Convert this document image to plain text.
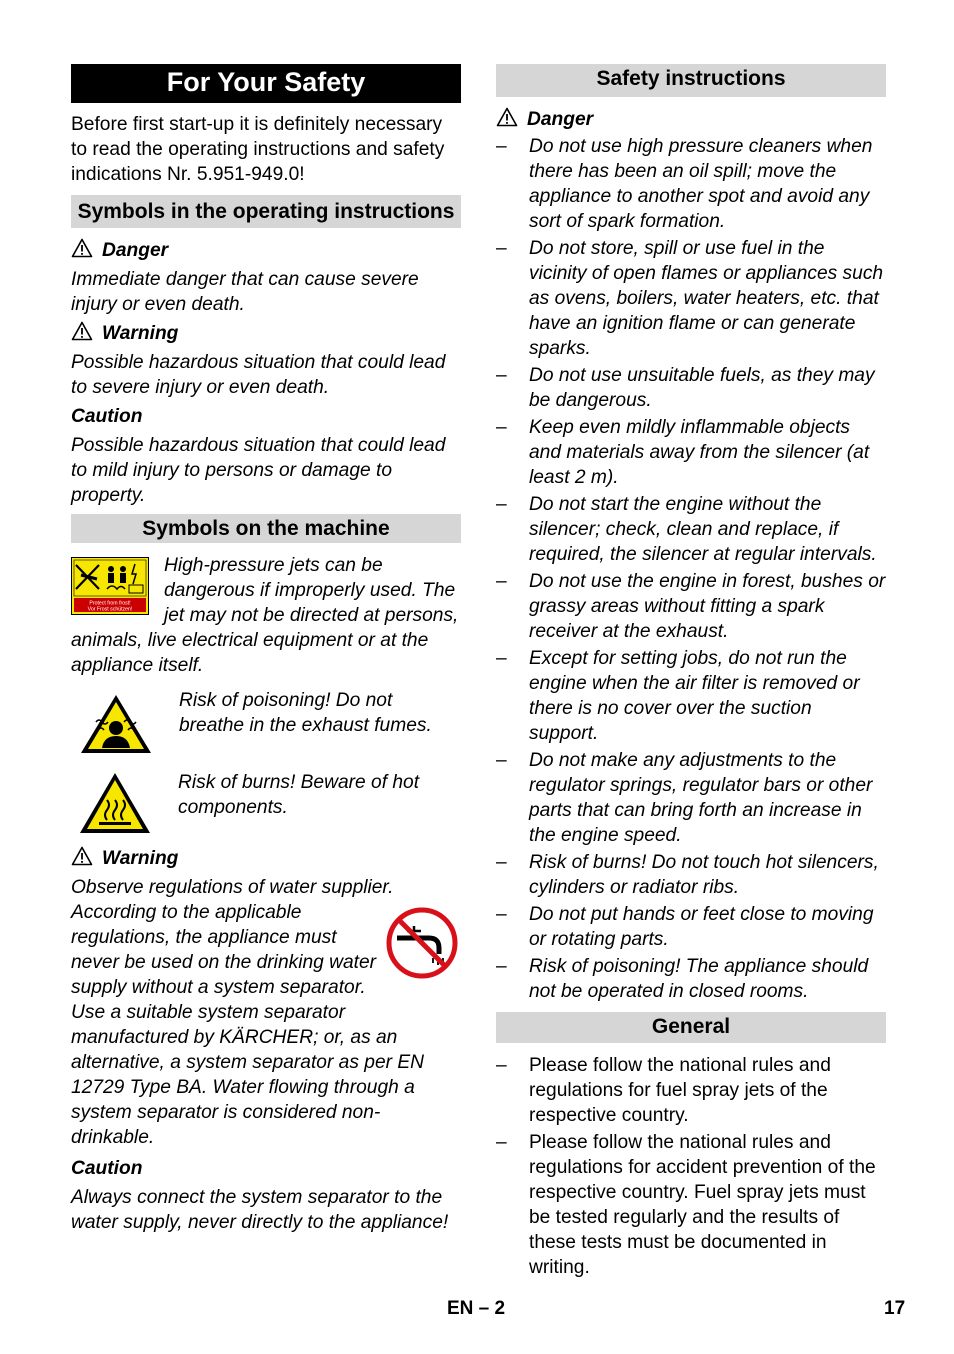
For Your Safety

Before first start-up it is definitely necessary to read the operating instructions and safety indications Nr. 5.951-949.0!

Symbols in the operating instructions
Danger

Immediate danger that can cause severe injury or even death.

Warning

Possible hazardous situation that could lead to severe injury or even death.

Caution

Possible hazardous situation that could lead to mild injury to persons or damage to property.

Symbols on the machine
Protect from frost!
Vor Frost schützen!

High-pressure jets can be dangerous if improperly used. The jet may not be directed at persons, animals, live electrical equipment or at the appliance itself.

Risk of poisoning! Do not breathe in the exhaust fumes.

Risk of burns! Beware of hot components.

Warning

Observe regulations of water supplier.

According to the applicable regulations, the appliance must never be used on the drinking water supply without a system separator. Use a suitable system separator manufactured by KÄRCHER; or, as an alternative, a system separator as per EN 12729 Type BA. Water flowing through a system separator is considered non-drinkable.

Caution

Always connect the system separator to the water supply, never directly to the appliance!

Safety instructions
Danger
– Do not use high pressure cleaners when there has been an oil spill; move the appliance to another spot and avoid any sort of spark formation.
– Do not store, spill or use fuel in the vicinity of open flames or appliances such as ovens, boilers, water heaters, etc. that have an ignition flame or can generate sparks.
– Do not use unsuitable fuels, as they may be dangerous.
– Keep even mildly inflammable objects and materials away from the silencer (at least 2 m).
– Do not start the engine without the silencer; check, clean and replace, if required, the silencer at regular intervals.
– Do not use the engine in forest, bushes or grassy areas without fitting a spark receiver at the exhaust.
– Except for setting jobs, do not run the engine when the air filter is removed or there is no cover over the suction support.
– Do not make any adjustments to the regulator springs, regulator bars or other parts that can bring forth an increase in the engine speed.
– Risk of burns! Do not touch hot silencers, cylinders or radiator ribs.
– Do not put hands or feet close to moving or rotating parts.
– Risk of poisoning! The appliance should not be operated in closed rooms.
General
– Please follow the national rules and regulations for fuel spray jets of the respective country.
– Please follow the national rules and regulations for accident prevention of the respective country. Fuel spray jets must be tested regularly and the results of these tests must be documented in writing.
EN – 2	17
